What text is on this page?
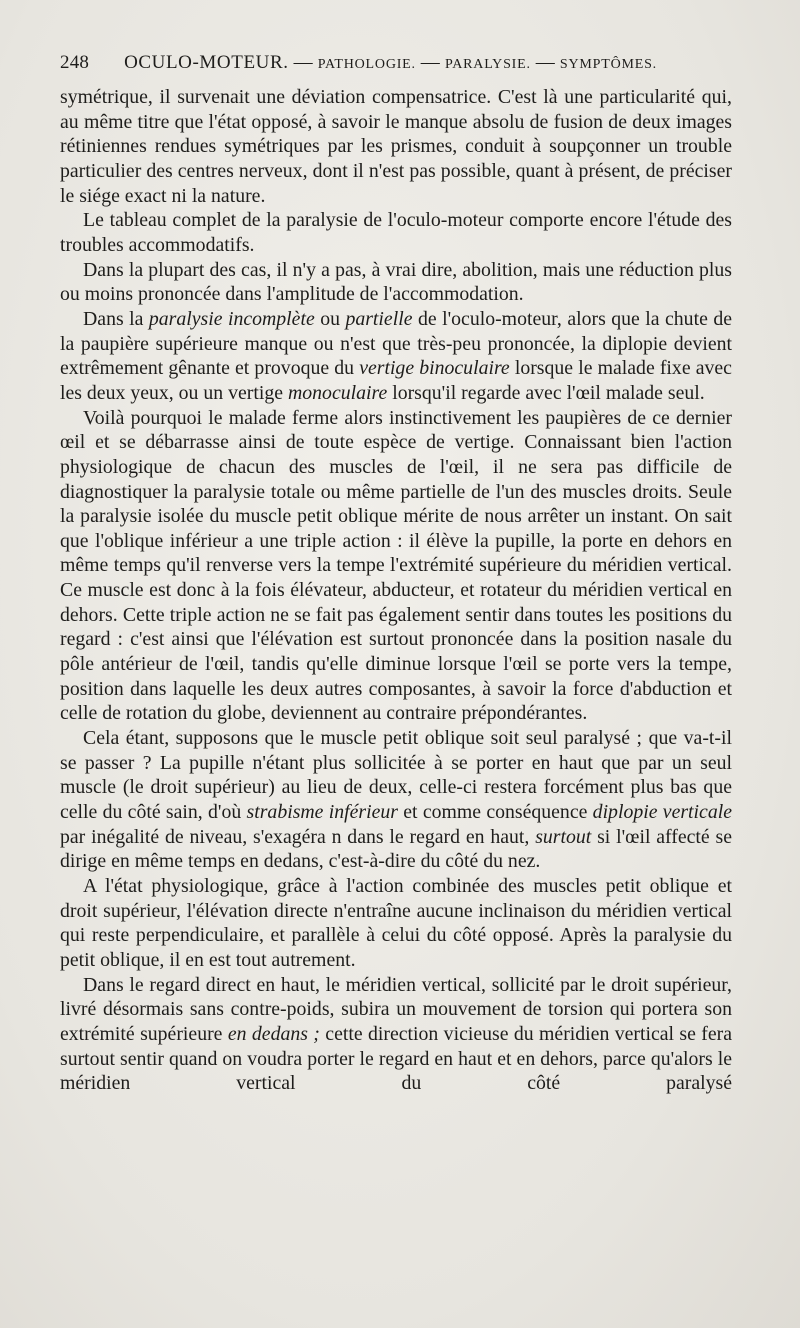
248 OCULO-MOTEUR. — PATHOLOGIE. — PARALYSIE. — SYMPTÔMES.

symétrique, il survenait une déviation compensatrice. C'est là une particularité qui, au même titre que l'état opposé, à savoir le manque absolu de fusion de deux images rétiniennes rendues symétriques par les prismes, conduit à soupçonner un trouble particulier des centres nerveux, dont il n'est pas possible, quant à présent, de préciser le siége exact ni la nature.

Le tableau complet de la paralysie de l'oculo-moteur comporte encore l'étude des troubles accommodatifs.

Dans la plupart des cas, il n'y a pas, à vrai dire, abolition, mais une réduction plus ou moins prononcée dans l'amplitude de l'accommodation.

Dans la paralysie incomplète ou partielle de l'oculo-moteur, alors que la chute de la paupière supérieure manque ou n'est que très-peu prononcée, la diplopie devient extrêmement gênante et provoque du vertige binoculaire lorsque le malade fixe avec les deux yeux, ou un vertige monoculaire lorsqu'il regarde avec l'œil malade seul.

Voilà pourquoi le malade ferme alors instinctivement les paupières de ce dernier œil et se débarrasse ainsi de toute espèce de vertige. Connaissant bien l'action physiologique de chacun des muscles de l'œil, il ne sera pas difficile de diagnostiquer la paralysie totale ou même partielle de l'un des muscles droits. Seule la paralysie isolée du muscle petit oblique mérite de nous arrêter un instant. On sait que l'oblique inférieur a une triple action : il élève la pupille, la porte en dehors en même temps qu'il renverse vers la tempe l'extrémité supérieure du méridien vertical. Ce muscle est donc à la fois élévateur, abducteur, et rotateur du méridien vertical en dehors. Cette triple action ne se fait pas également sentir dans toutes les positions du regard : c'est ainsi que l'élévation est surtout prononcée dans la position nasale du pôle antérieur de l'œil, tandis qu'elle diminue lorsque l'œil se porte vers la tempe, position dans laquelle les deux autres composantes, à savoir la force d'abduction et celle de rotation du globe, deviennent au contraire prépondérantes.

Cela étant, supposons que le muscle petit oblique soit seul paralysé ; que va-t-il se passer ? La pupille n'étant plus sollicitée à se porter en haut que par un seul muscle (le droit supérieur) au lieu de deux, celle-ci restera forcément plus bas que celle du côté sain, d'où strabisme inférieur et comme conséquence diplopie verticale par inégalité de niveau, s'exagéra n dans le regard en haut, surtout si l'œil affecté se dirige en même temps en dedans, c'est-à-dire du côté du nez.

A l'état physiologique, grâce à l'action combinée des muscles petit oblique et droit supérieur, l'élévation directe n'entraîne aucune inclinaison du méridien vertical qui reste perpendiculaire, et parallèle à celui du côté opposé. Après la paralysie du petit oblique, il en est tout autrement.

Dans le regard direct en haut, le méridien vertical, sollicité par le droit supérieur, livré désormais sans contre-poids, subira un mouvement de torsion qui portera son extrémité supérieure en dedans ; cette direction vicieuse du méridien vertical se fera surtout sentir quand on voudra porter le regard en haut et en dehors, parce qu'alors le méridien vertical du côté paralysé
